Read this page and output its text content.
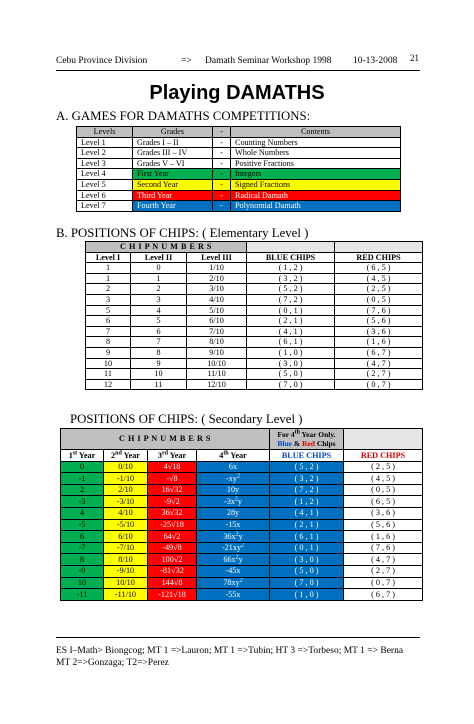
Cebu Province Division	=> Damath Seminar Workshop 1998 10-13-2008 21
Playing DAMATHS
A. GAMES FOR DAMATHS COMPETITIONS:
Levels	Grades	-	Contents
Level 1	Grades I – II	-	Counting Numbers
Level 2	Grades III – IV	-	Whole Numbers
Level 3	Grades V – VI	-	Positive Fractions
Level 4	First Year	-	Integers
Level 5	Second Year	-	Signed Fractions
Level 6	Third Year	-	Radical Damath
Level 7	Fourth Year	-	Polynomial Damath
B. POSITIONS OF CHIPS: ( Elementary Level )
C H I P N U M B E R S				
Level I	Level II	Level III	BLUE CHIPS	RED CHIPS
1	0	1/10	( 1 , 2 )	( 6 , 5 )
1	1	2/10	( 3 , 2 )	( 4 , 5 )
2	2	3/10	( 5 , 2 )	( 2 , 5 )
3	3	4/10	( 7 , 2 )	( 0 , 5 )
5	4	5/10	( 0 , 1 )	( 7 , 6 )
6	5	6/10	( 2 , 1 )	( 5 , 6 )
7	6	7/10	( 4 , 1 )	( 3 , 6 )
8	7	8/10	( 6 , 1 )	( 1 , 6 )
9	8	9/10	( 1 , 0 )	( 6 , 7 )
10	9	10/10	( 3 , 0 )	( 4 , 7 )
11	10	11/10	( 5 , 0 )	( 2 , 7 )
12	11	12/10	( 7 , 0 )	( 0 , 7 )
POSITIONS OF CHIPS: ( Secondary Level )
C H I P N U M B E R S				For 4th Year Only.
Blue & Red Chips	
1st Year	2nd Year	3rd Year	4th Year	BLUE CHIPS	RED CHIPS
0	0/10	4√18	6x	( 5 , 2 )	( 2 , 5 )
-1	-1/10	-√8	$-xy^2$	( 3 , 2 )	( 4 , 5 )
2	2/10	16√32	10y	( 7 , 2 )	( 0 , 5 )
-3	-3/10	-9√2	$-3x^2y$	( 1 , 2 )	( 6 , 5 )
4	4/10	36√32	28y	( 4 , 1 )	( 3 , 6 )
-5	-5/10	-25√18	-15x	( 2 , 1 )	( 5 , 6 )
6	6/10	64√2	$36x^2y$	( 6 , 1 )	( 1 , 6 )
-7	-7/10	-49√8	$-21xy^2$	( 0 , 1 )	( 7 , 6 )
8	8/10	100√2	$66x^2y$	( 3 , 0 )	( 4 , 7 )
-9	-9/10	-81√32	-45x	( 5 , 0 )	( 2 , 7 )
10	10/10	144√8	$78xy^2$	( 7 , 0 )	( 0 , 7 )
-11	-11/10	-121√18	-55x	( 1 , 0 )	( 6 , 7 )
ES I–Math> Biongcog; MT 1 =>Lauron; MT 1 =>Tubin; HT 3 =>Torbeso; MT 1 => Berna
MT 2=>Gonzaga; T2=>Perez
